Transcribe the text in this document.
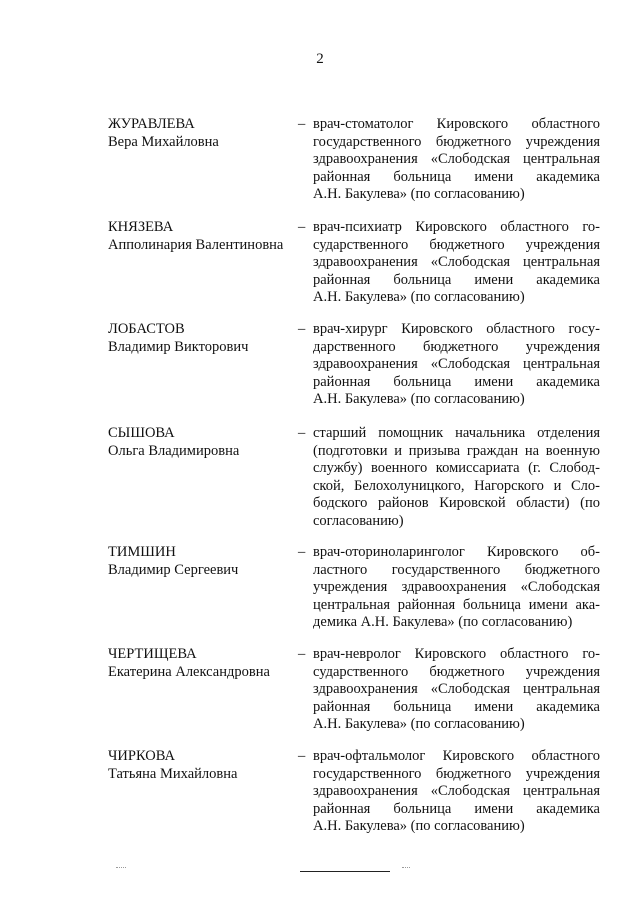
2
ЖУРАВЛЕВА
Вера Михайловна
– врач-стоматолог Кировского областного
государственного бюджетного учреждения
здравоохранения «Слободская центральная
районная больница имени академика
А.Н. Бакулева» (по согласованию)
КНЯЗЕВА
Апполинария Валентиновна
– врач-психиатр Кировского областного го-
сударственного бюджетного учреждения
здравоохранения «Слободская центральная
районная больница имени академика
А.Н. Бакулева» (по согласованию)
ЛОБАСТОВ
Владимир Викторович
– врач-хирург Кировского областного госу-
дарственного бюджетного учреждения
здравоохранения «Слободская центральная
районная больница имени академика
А.Н. Бакулева» (по согласованию)
СЫШОВА
Ольга Владимировна
– старший помощник начальника отделения
(подготовки и призыва граждан на военную
службу) военного комиссариата (г. Слобод-
ской, Белохолуницкого, Нагорского и Сло-
бодского районов Кировской области) (по
согласованию)
ТИМШИН
Владимир Сергеевич
– врач-оториноларинголог Кировского об-
ластного государственного бюджетного
учреждения здравоохранения «Слободская
центральная районная больница имени ака-
демика А.Н. Бакулева» (по согласованию)
ЧЕРТИЩЕВА
Екатерина Александровна
– врач-невролог Кировского областного го-
сударственного бюджетного учреждения
здравоохранения «Слободская центральная
районная больница имени академика
А.Н. Бакулева» (по согласованию)
ЧИРКОВА
Татьяна Михайловна
– врач-офтальмолог Кировского областного
государственного бюджетного учреждения
здравоохранения «Слободская центральная
районная больница имени академика
А.Н. Бакулева» (по согласованию)
